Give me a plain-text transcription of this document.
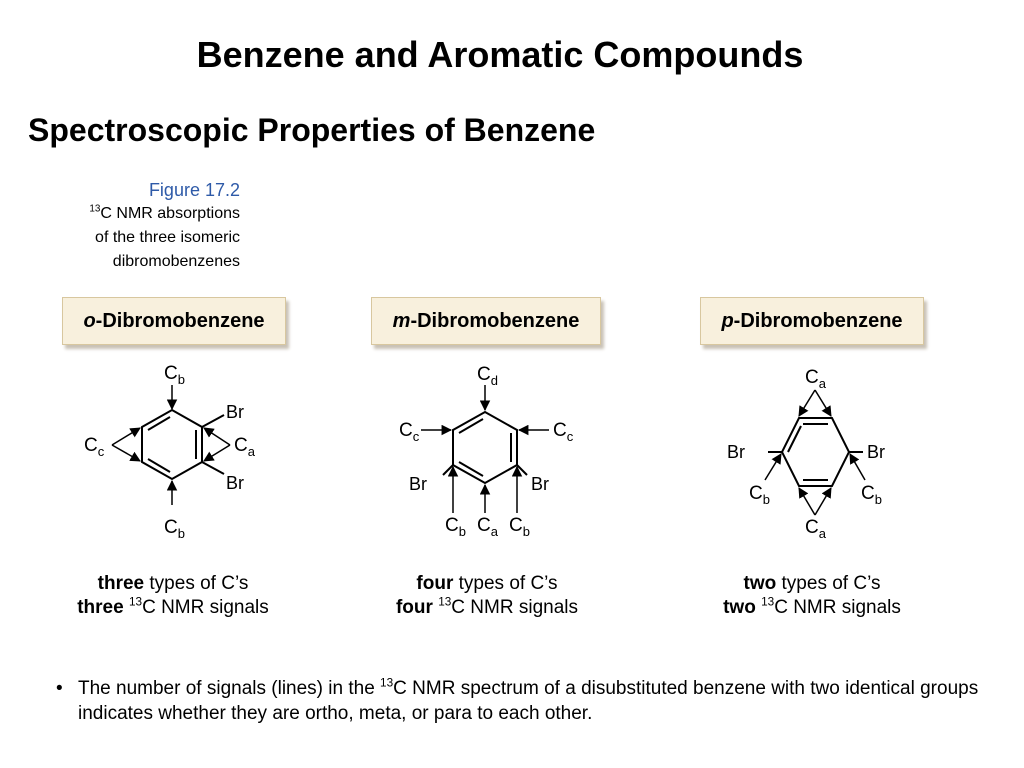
Benzene and Aromatic Compounds
Spectroscopic Properties of Benzene
Figure 17.2
$^{13}$C NMR absorptions
of the three isomeric
dibromobenzenes
o -Dibromobenzene	m -Dibromobenzene	p -Dibromobenzene
$C_b$
$C_b$
$C_c$	$C_a$
Br
Br
$C_d$
$C_c$	$C_c$
Br	Br
$C_b$ $C_a$ $C_b$
$C_a$
$C_a$
Br	Br
$C_b$	$C_b$
three types of C’s
three $^{13}$C NMR signals
four types of C’s
four $^{13}$C NMR signals
two types of C’s
two $^{13}$C NMR signals
• The number of signals (lines) in the $^{13}$C NMR spectrum of a disubstituted benzene with two identical groups indicates whether they are ortho, meta, or para to each other.
